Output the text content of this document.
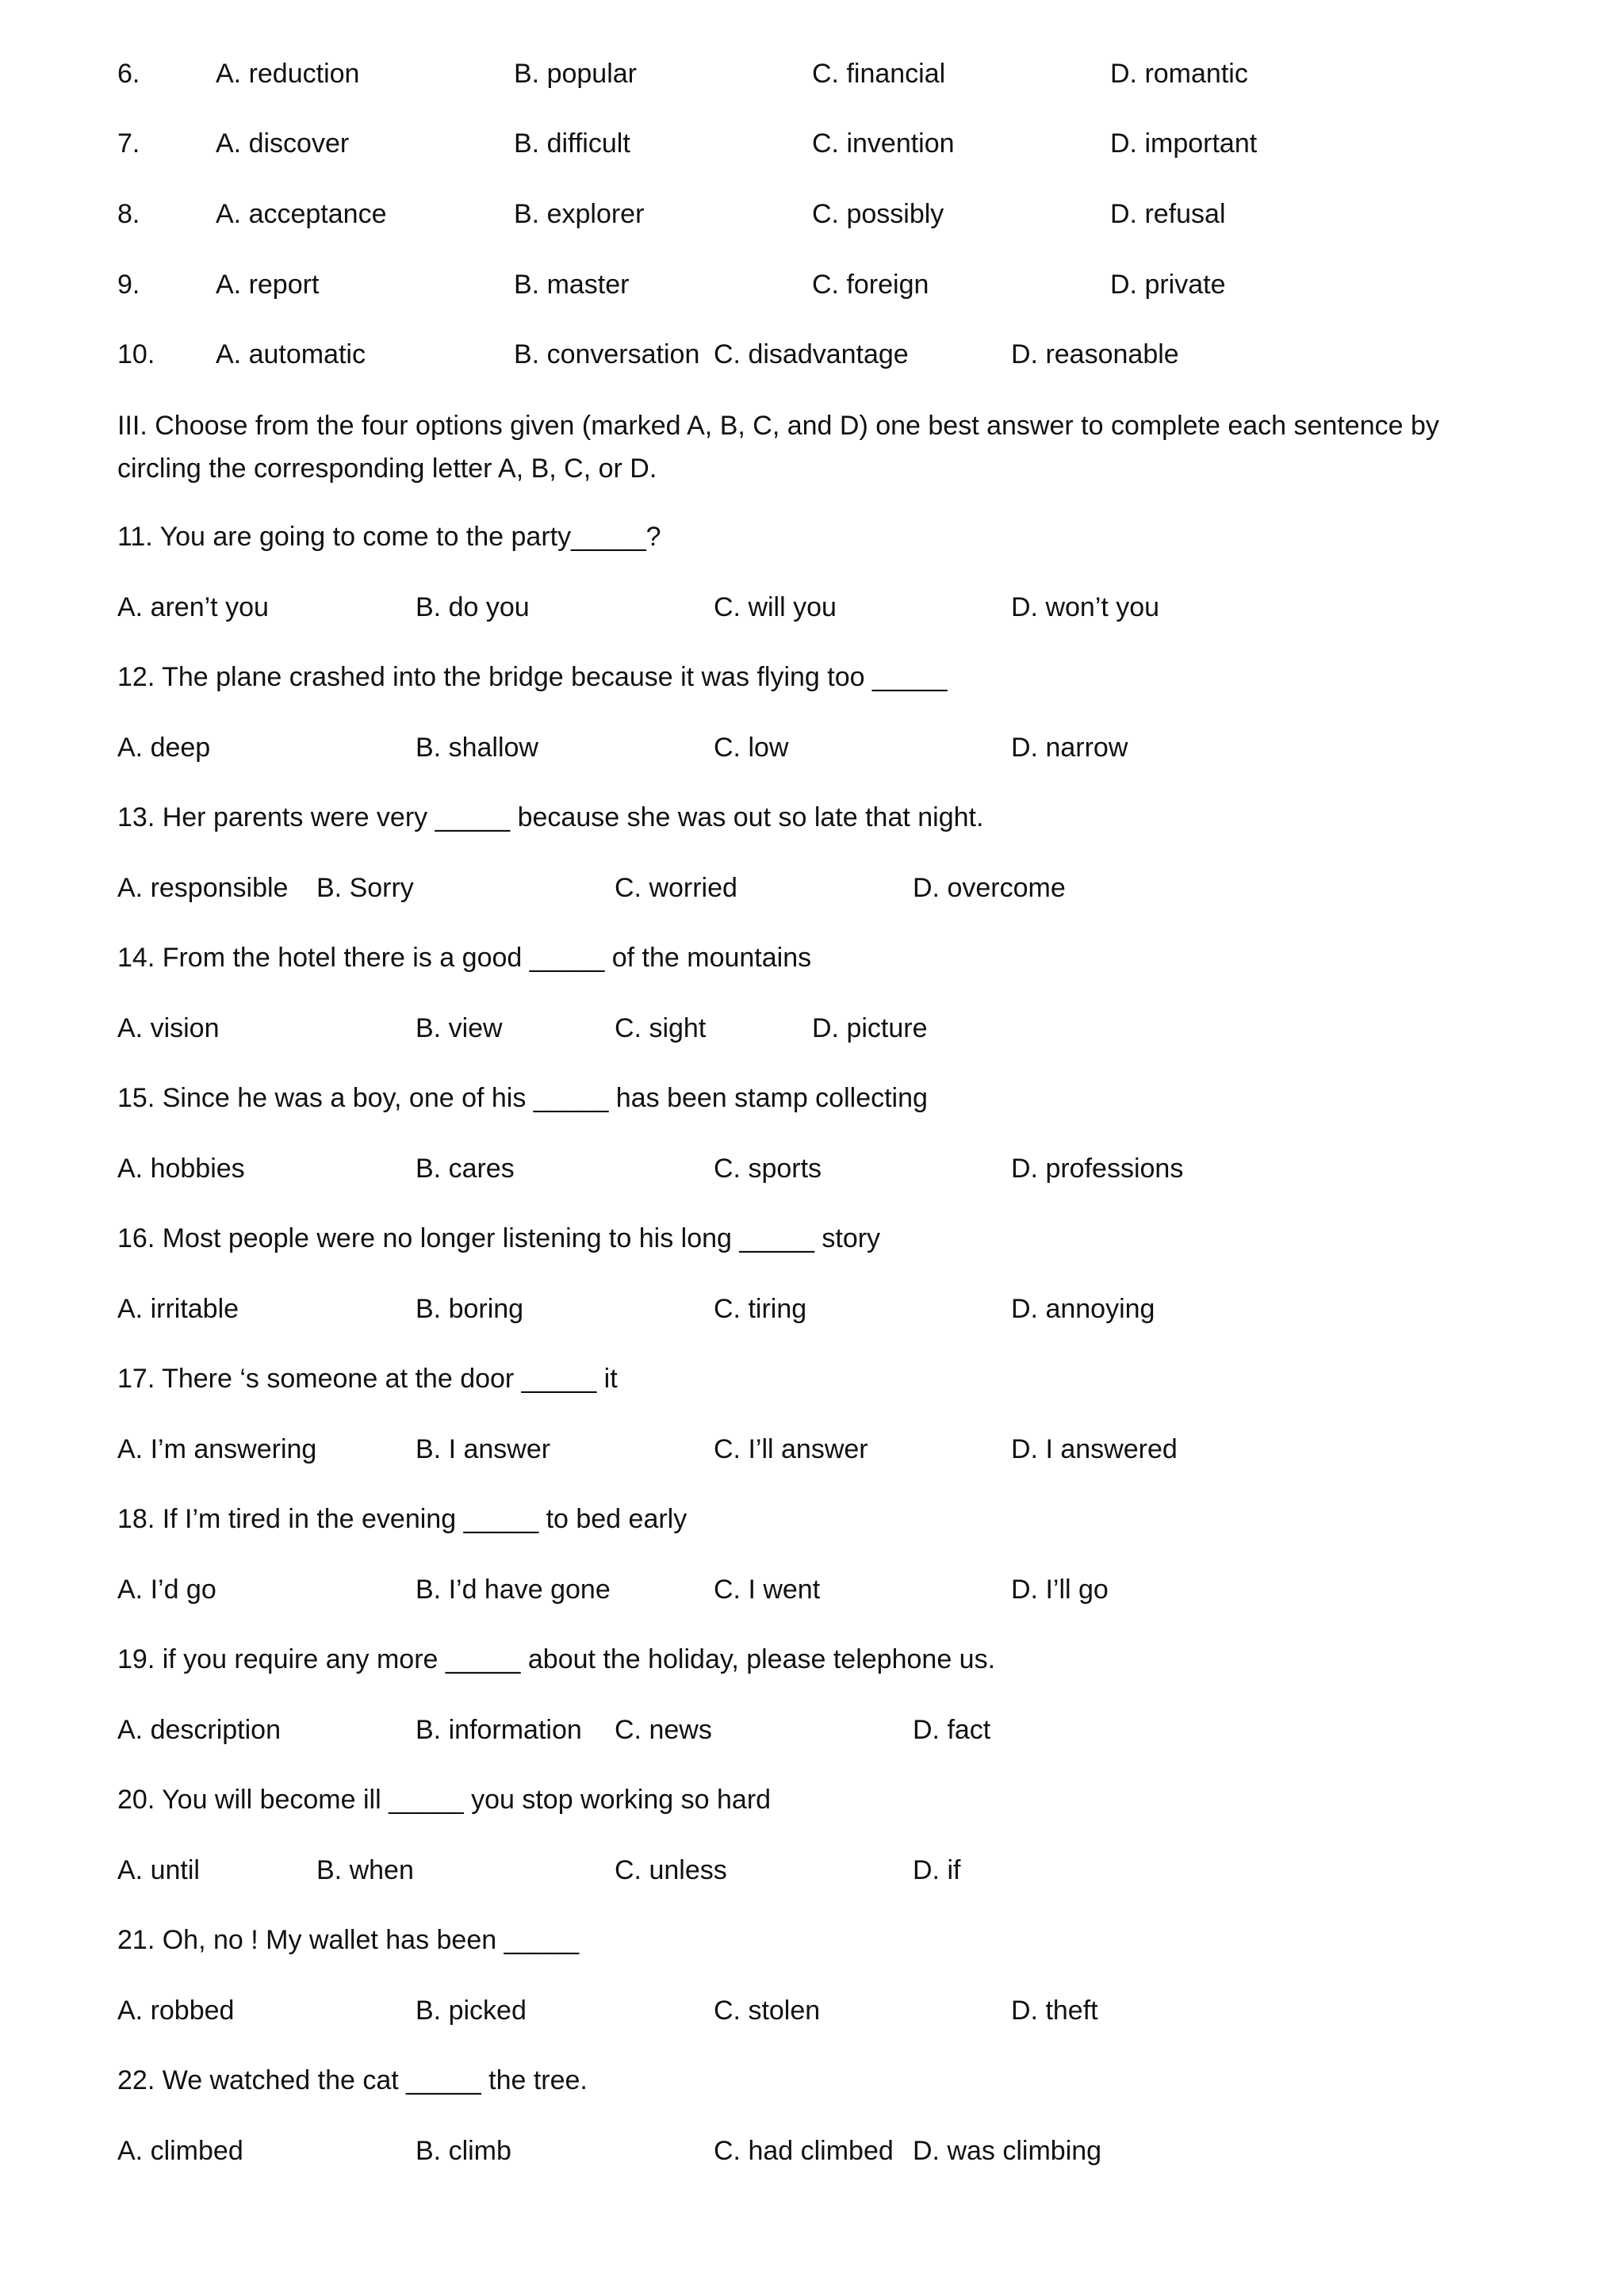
6.	A. reduction	B. popular	C. financial	D. romantic
7.	A. discover	B. difficult	C. invention	D. important
8.	A. acceptance	B. explorer	C. possibly	D. refusal
9.	A. report	B. master	C. foreign	D. private
10. A. automatic	B. conversation C. disadvantage	D. reasonable
III. Choose from the four options given (marked A, B, C, and D) one best answer to complete each sentence by circling the corresponding letter A, B, C, or D.
11. You are going to come to the party_____?
A. aren’t you	B. do you	C. will you	D. won’t you
12. The plane crashed into the bridge because it was flying too _____
A. deep	B. shallow	C. low	D. narrow
13. Her parents were very _____ because she was out so late that night.
A. responsible B. Sorry	C. worried	D. overcome
14. From the hotel there is a good _____ of the mountains
A. vision	B. view	C. sight	D. picture
15. Since he was a boy, one of his _____ has been stamp collecting
A. hobbies	B. cares	C. sports	D. professions
16. Most people were no longer listening to his long _____ story
A. irritable	B. boring	C. tiring	D. annoying
17. There ‘s someone at the door _____ it
A. I’m answering	B. I answer	C. I’ll answer	D. I answered
18. If I’m tired in the evening _____ to bed early
A. I’d go	B. I’d have gone	C. I went	D. I’ll go
19. if you require any more _____ about the holiday, please telephone us.
A. description	B. information C. news	D. fact
20. You will become ill _____ you stop working so hard
A. until	B. when	C. unless	D. if
21. Oh, no ! My wallet has been _____
A. robbed	B. picked	C. stolen	D. theft
22. We watched the cat _____ the tree.
A. climbed	B. climb	C. had climbed D. was climbing
